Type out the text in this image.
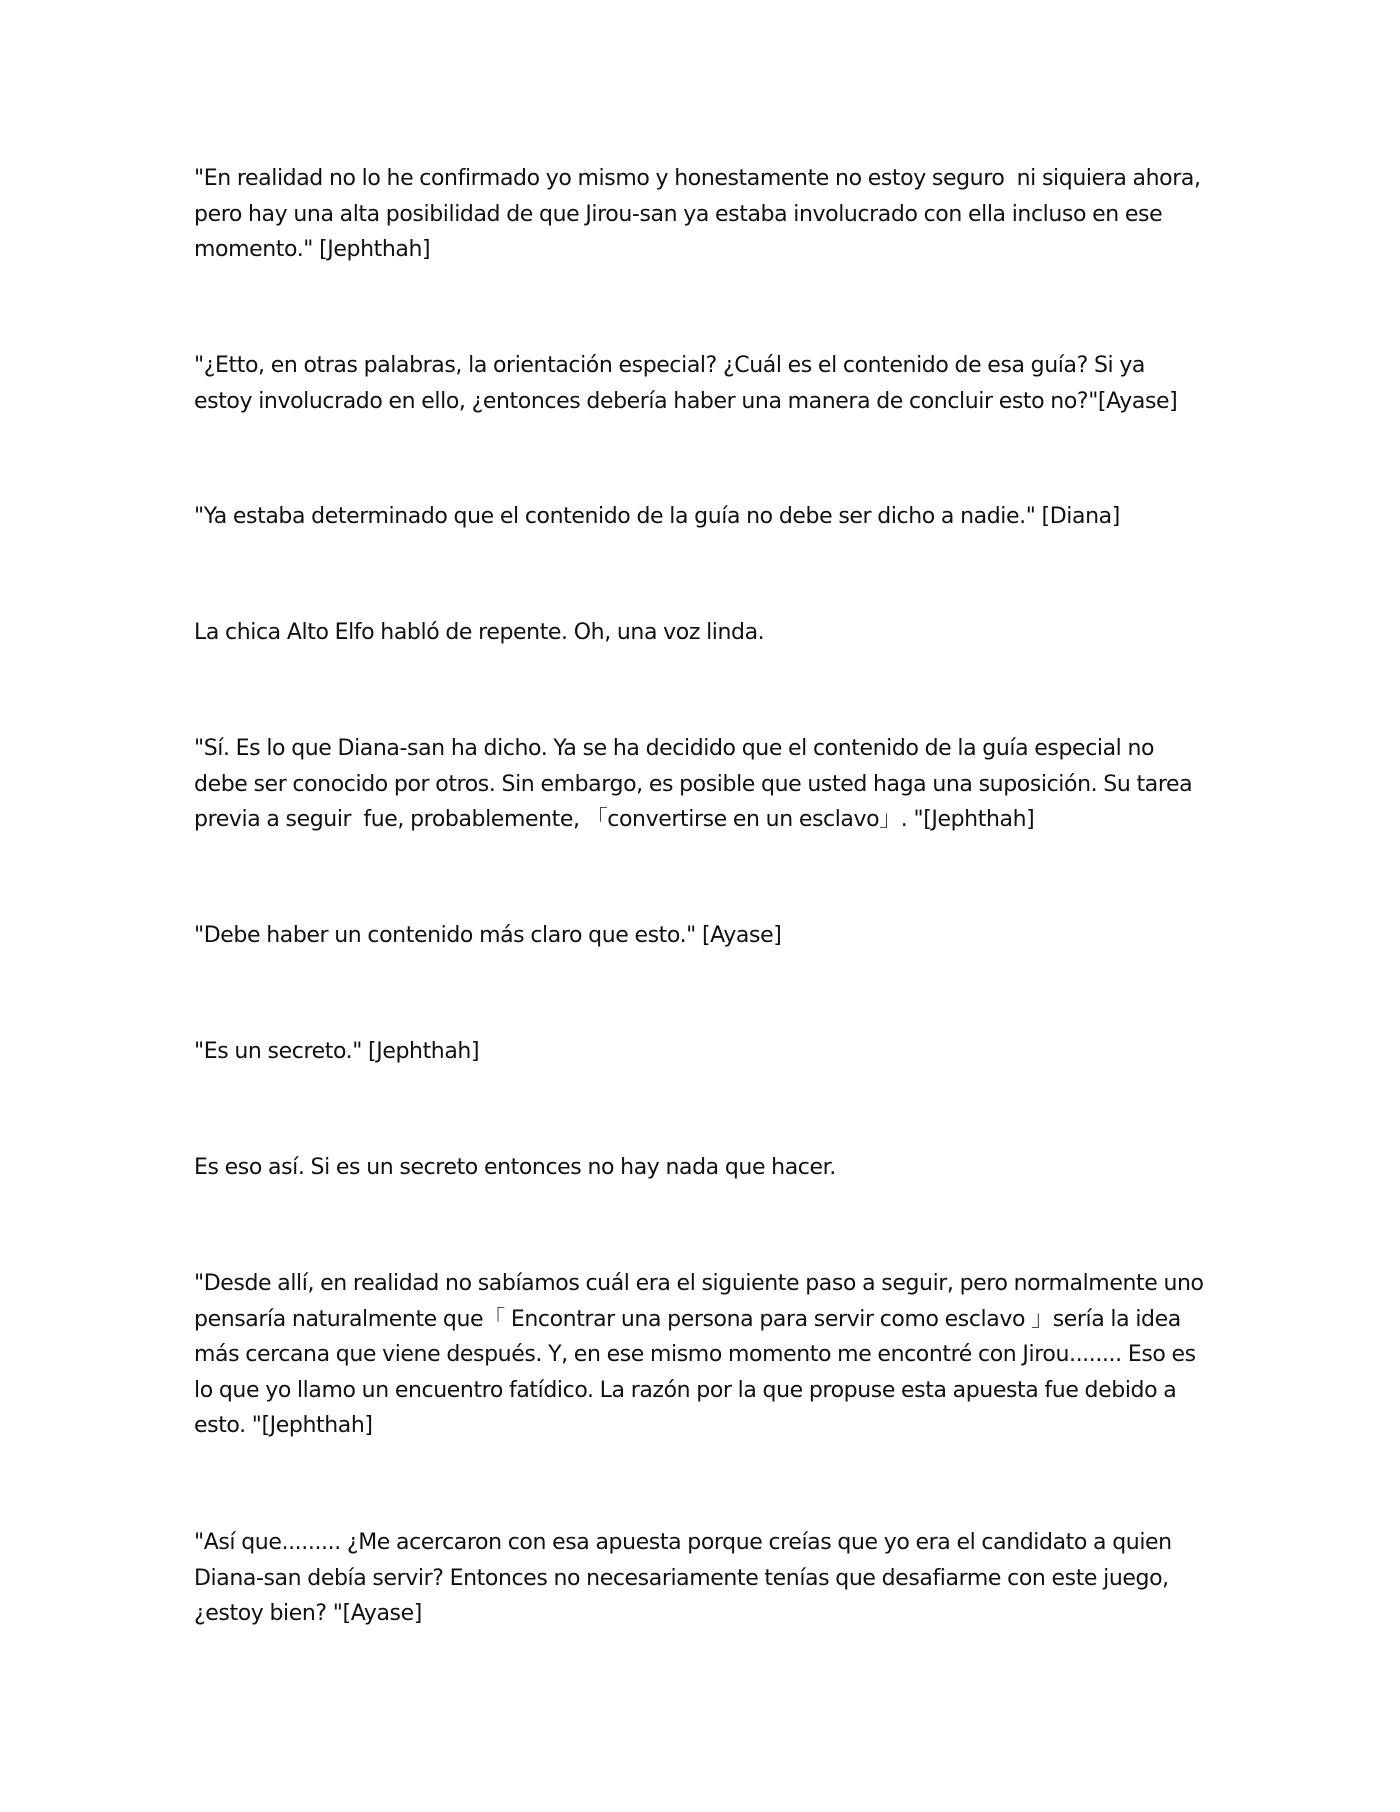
"En realidad no lo he confirmado yo mismo y honestamente no estoy seguro  ni siquiera ahora, pero hay una alta posibilidad de que Jirou-san ya estaba involucrado con ella incluso en ese momento." [Jephthah]

"¿Etto, en otras palabras, la orientación especial? ¿Cuál es el contenido de esa guía? Si ya estoy involucrado en ello, ¿entonces debería haber una manera de concluir esto no?"[Ayase]

"Ya estaba determinado que el contenido de la guía no debe ser dicho a nadie." [Diana]

La chica Alto Elfo habló de repente. Oh, una voz linda.

"Sí. Es lo que Diana-san ha dicho. Ya se ha decidido que el contenido de la guía especial no debe ser conocido por otros. Sin embargo, es posible que usted haga una suposición. Su tarea previa a seguir  fue, probablemente, 「convertirse en un esclavo」. "[Jephthah]

"Debe haber un contenido más claro que esto." [Ayase]

"Es un secreto." [Jephthah]

Es eso así. Si es un secreto entonces no hay nada que hacer.

"Desde allí, en realidad no sabíamos cuál era el siguiente paso a seguir, pero normalmente uno pensaría naturalmente que「 Encontrar una persona para servir como esclavo 」sería la idea más cercana que viene después. Y, en ese mismo momento me encontré con Jirou........ Eso es lo que yo llamo un encuentro fatídico. La razón por la que propuse esta apuesta fue debido a esto. "[Jephthah]

"Así que......... ¿Me acercaron con esa apuesta porque creías que yo era el candidato a quien Diana-san debía servir? Entonces no necesariamente tenías que desafiarme con este juego, ¿estoy bien? "[Ayase]
